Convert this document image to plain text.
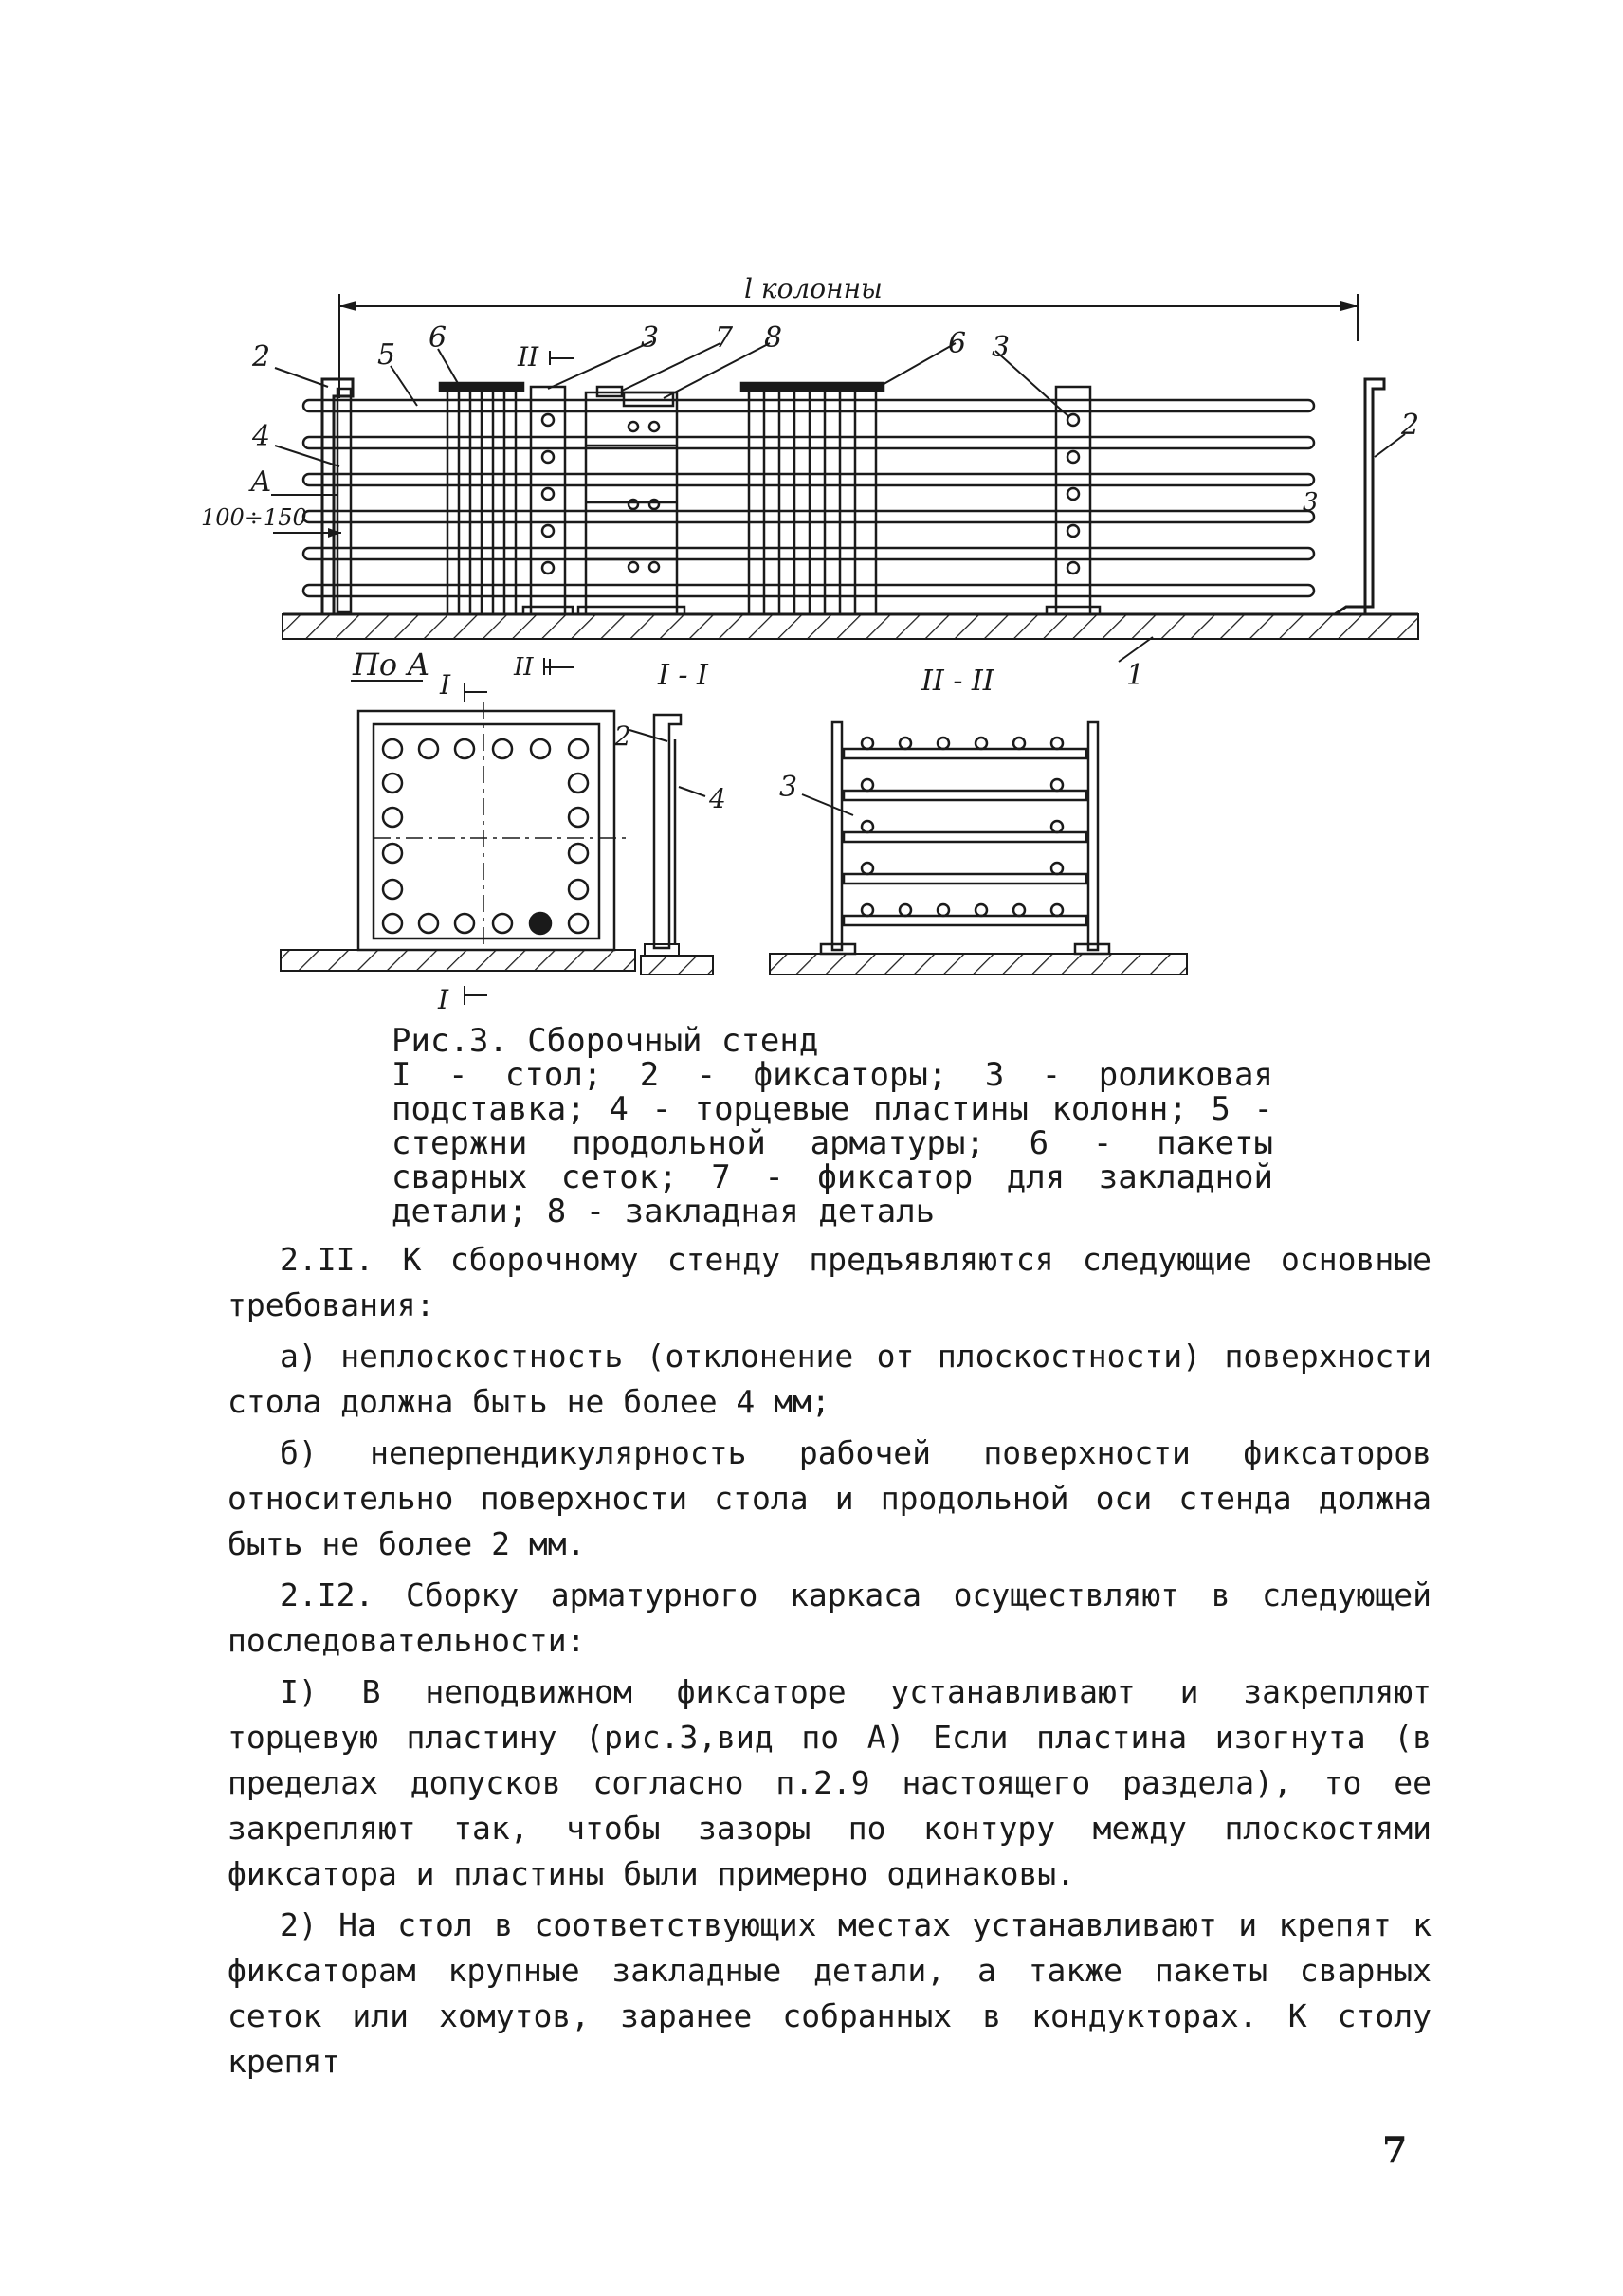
l колонны
2	5
6
II
3 7 8	6 3
2
4
3
1
А
100÷150
По А
I
I
II	I - I
2
4
II - II
3
Рис.3. Сборочный стенд
I - стол; 2 - фиксаторы; 3 - роликовая подставка; 4 - торцевые пластины колонн; 5 - стержни продольной арматуры; 6 - пакеты сварных сеток; 7 - фиксатор для закладной детали; 8 - закладная деталь

2.II. К сборочному стенду предъявляются следующие основные требования:

а) неплоскостность (отклонение от плоскостности) поверхности стола должна быть не более 4 мм;

б) неперпендикулярность рабочей поверхности фиксаторов относительно поверхности стола и продольной оси стенда должна быть не более 2 мм.

2.I2. Сборку арматурного каркаса осуществляют в следующей последовательности:

I) В неподвижном фиксаторе устанавливают и закрепляют торцевую пластину (рис.3,вид по А) Если пластина изогнута (в пределах допусков согласно п.2.9 настоящего раздела), то ее закрепляют так, чтобы зазоры по контуру между плоскостями фиксатора и пластины были примерно одинаковы.

2) На стол в соответствующих местах устанавливают и крепят к фиксаторам крупные закладные детали, а также пакеты сварных сеток или хомутов, заранее собранных в кондукторах. К столу крепят

7
